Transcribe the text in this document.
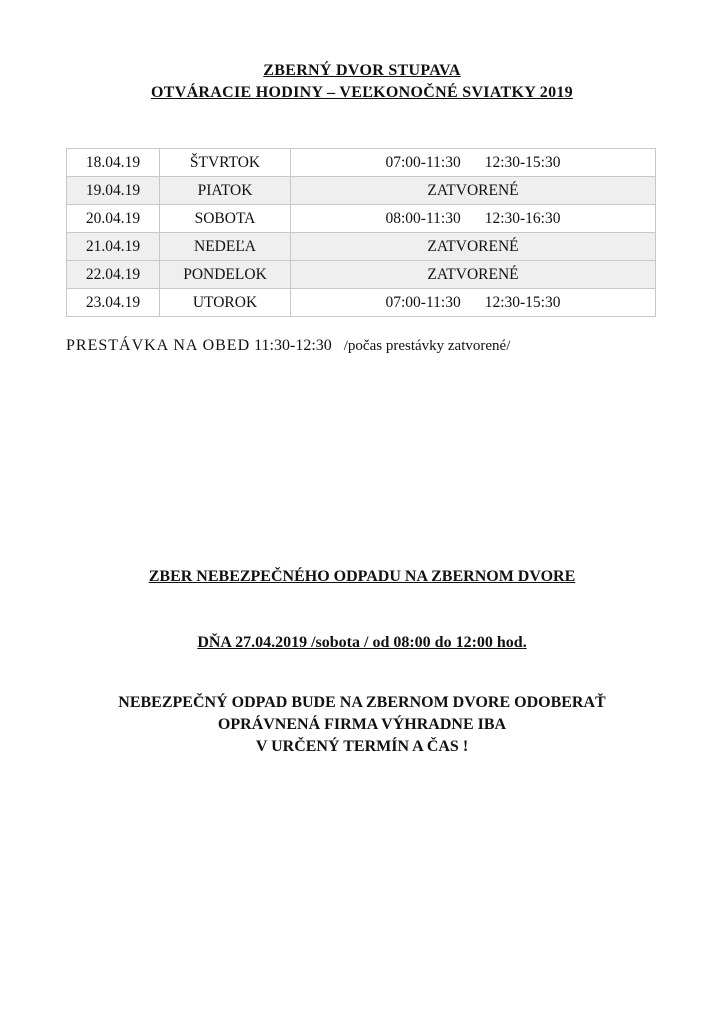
ZBERNÝ DVOR STUPAVA
OTVÁRACIE HODINY – VEĽKONOČNÉ SVIATKY 2019
18.04.19	ŠTVRTOK	07:00-11:30 12:30-15:30

19.04.19	PIATOK	ZATVORENÉ
20.04.19	SOBOTA	08:00-11:30 12:30-16:30

21.04.19	NEDEĽA	ZATVORENÉ
22.04.19	PONDELOK	ZATVORENÉ
23.04.19	UTOROK	07:00-11:30 12:30-15:30
PRESTÁVKA NA OBED 11:30-12:30 /počas prestávky zatvorené/
ZBER NEBEZPEČNÉHO ODPADU NA ZBERNOM DVORE
DŇA 27.04.2019 /sobota / od 08:00 do 12:00 hod.
NEBEZPEČNÝ ODPAD BUDE NA ZBERNOM DVORE ODOBERAŤ
OPRÁVNENÁ FIRMA VÝHRADNE IBA
V URČENÝ TERMÍN A ČAS !
